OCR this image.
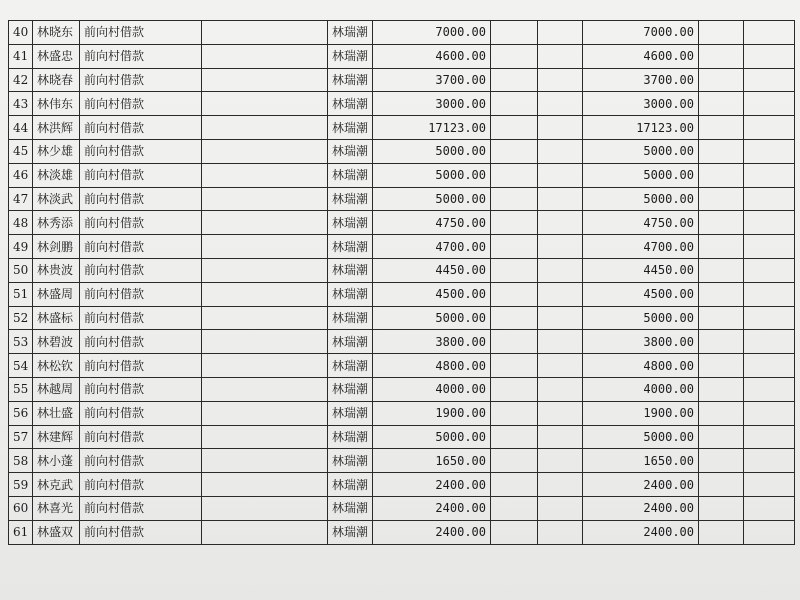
40	林晓东	前向村借款		林瑞潮	7000.00			7000.00		
41	林盛忠	前向村借款		林瑞潮	4600.00			4600.00		
42	林晓春	前向村借款		林瑞潮	3700.00			3700.00		
43	林伟东	前向村借款		林瑞潮	3000.00			3000.00		
44	林洪辉	前向村借款		林瑞潮	17123.00			17123.00		
45	林少雄	前向村借款		林瑞潮	5000.00			5000.00		
46	林淡雄	前向村借款		林瑞潮	5000.00			5000.00		
47	林淡武	前向村借款		林瑞潮	5000.00			5000.00		
48	林秀添	前向村借款		林瑞潮	4750.00			4750.00		
49	林剑鹏	前向村借款		林瑞潮	4700.00			4700.00		
50	林贵波	前向村借款		林瑞潮	4450.00			4450.00		
51	林盛周	前向村借款		林瑞潮	4500.00			4500.00		
52	林盛标	前向村借款		林瑞潮	5000.00			5000.00		
53	林碧波	前向村借款		林瑞潮	3800.00			3800.00		
54	林松钦	前向村借款		林瑞潮	4800.00			4800.00		
55	林越周	前向村借款		林瑞潮	4000.00			4000.00		
56	林壮盛	前向村借款		林瑞潮	1900.00			1900.00		
57	林建辉	前向村借款		林瑞潮	5000.00			5000.00		
58	林小蓬	前向村借款		林瑞潮	1650.00			1650.00		
59	林克武	前向村借款		林瑞潮	2400.00			2400.00		
60	林喜光	前向村借款		林瑞潮	2400.00			2400.00		
61	林盛双	前向村借款		林瑞潮	2400.00			2400.00		
